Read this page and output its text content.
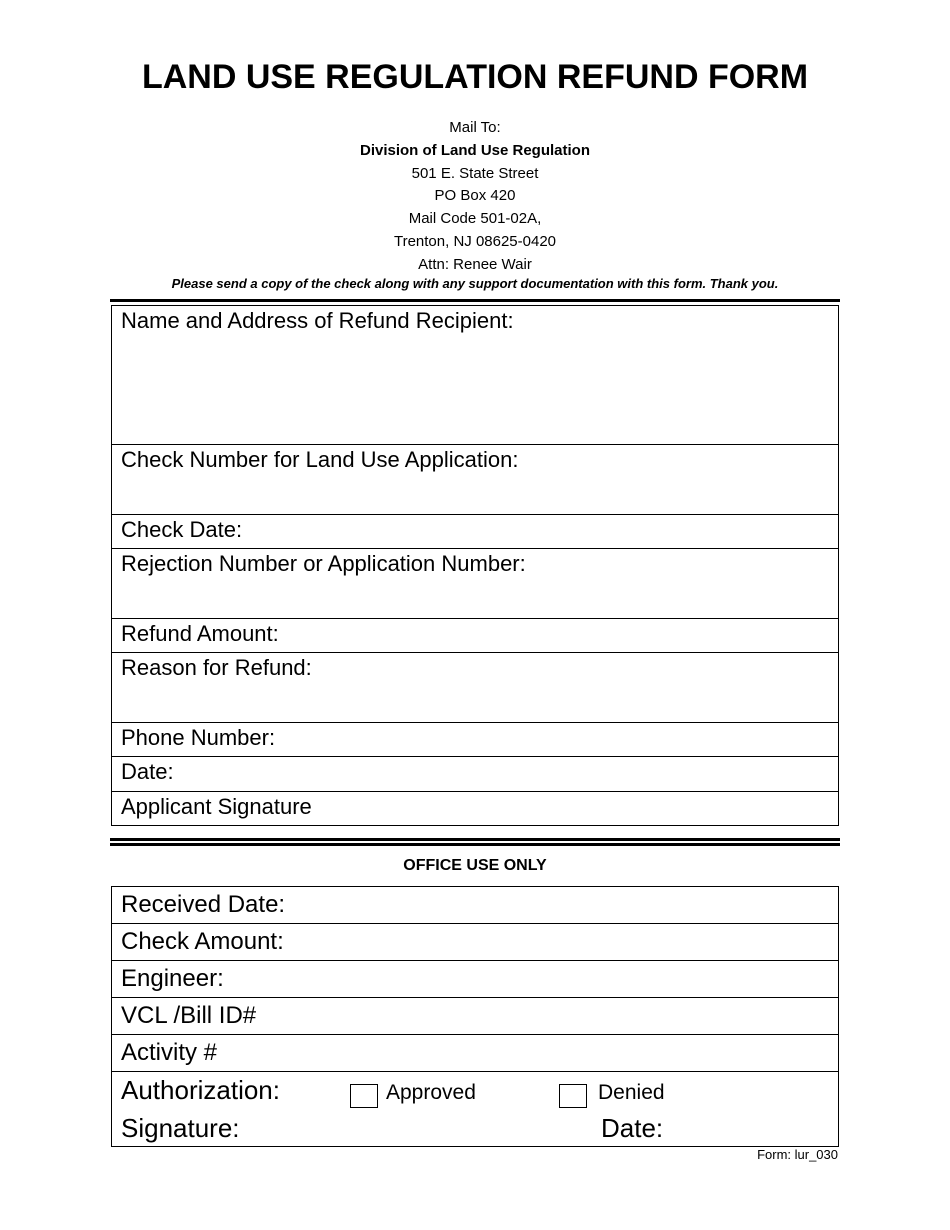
LAND USE REGULATION REFUND FORM
Mail To:
Division of Land Use Regulation
501 E. State Street
PO Box 420
Mail Code 501-02A,
Trenton, NJ 08625-0420
Attn: Renee Wair
Please send a copy of the check along with any support documentation with this form. Thank you.
Name and Address of Refund Recipient:
Check Number for Land Use Application:
Check Date:
Rejection Number or Application Number:
Refund Amount:
Reason for Refund:
Phone Number:
Date:
Applicant Signature
OFFICE USE ONLY
Received Date:
Check Amount:
Engineer:
VCL /Bill ID#
Activity #

Authorization:	Approved	Denied
Signature:	Date:
Form: lur_030
